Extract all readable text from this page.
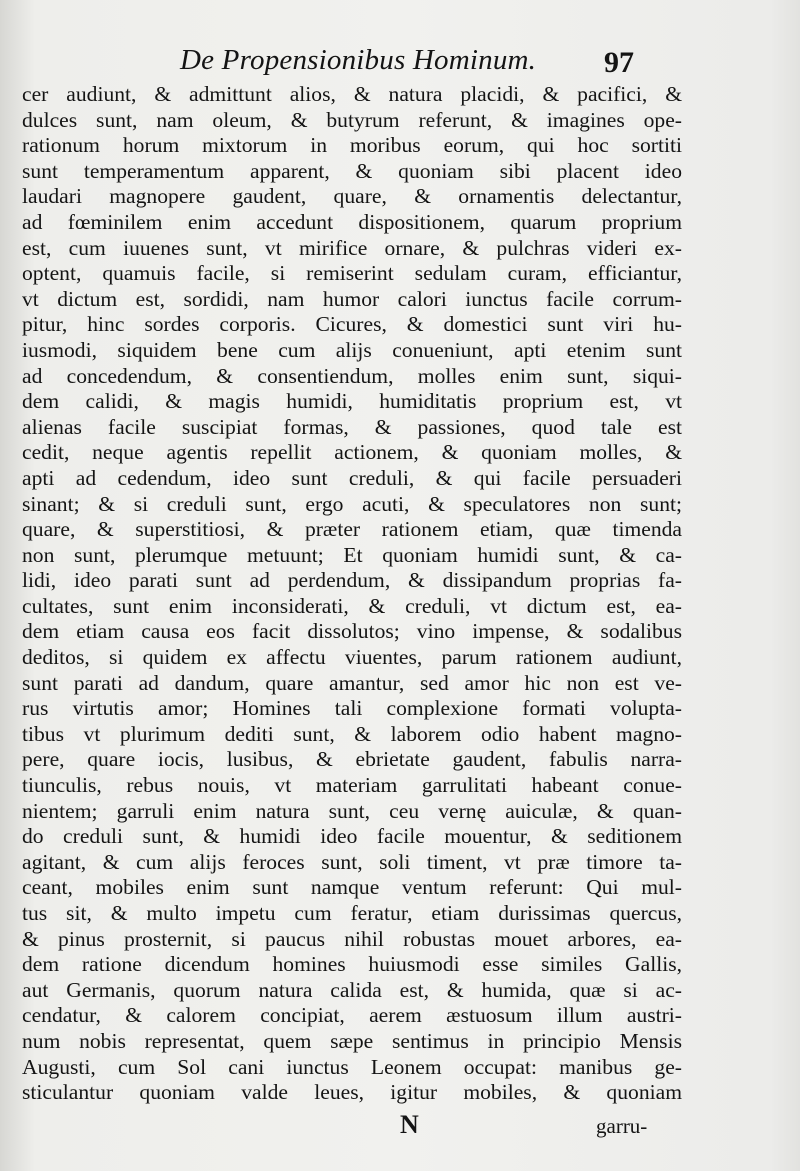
De Propensionibus Hominum. 97
cer audiunt, & admittunt alios, & natura placidi, & pacifici, &
dulces sunt, nam oleum, & butyrum referunt, & imagines ope-
rationum horum mixtorum in moribus eorum, qui hoc sortiti
sunt temperamentum apparent, & quoniam sibi placent ideo
laudari magnopere gaudent, quare, & ornamentis delectantur,
ad fœminilem enim accedunt dispositionem, quarum proprium
est, cum iuuenes sunt, vt mirifice ornare, & pulchras videri ex-
optent, quamuis facile, si remiserint sedulam curam, efficiantur,
vt dictum est, sordidi, nam humor calori iunctus facile corrum-
pitur, hinc sordes corporis. Cicures, & domestici sunt viri hu-
iusmodi, siquidem bene cum alijs conueniunt, apti etenim sunt
ad concedendum, & consentiendum, molles enim sunt, siqui-
dem calidi, & magis humidi, humiditatis proprium est, vt
alienas facile suscipiat formas, & passiones, quod tale est
cedit, neque agentis repellit actionem, & quoniam molles, &
apti ad cedendum, ideo sunt creduli, & qui facile persuaderi
sinant; & si creduli sunt, ergo acuti, & speculatores non sunt;
quare, & superstitiosi, & præter rationem etiam, quæ timenda
non sunt, plerumque metuunt; Et quoniam humidi sunt, & ca-
lidi, ideo parati sunt ad perdendum, & dissipandum proprias fa-
cultates, sunt enim inconsiderati, & creduli, vt dictum est, ea-
dem etiam causa eos facit dissolutos; vino impense, & sodalibus
deditos, si quidem ex affectu viuentes, parum rationem audiunt,
sunt parati ad dandum, quare amantur, sed amor hic non est ve-
rus virtutis amor; Homines tali complexione formati volupta-
tibus vt plurimum dediti sunt, & laborem odio habent magno-
pere, quare iocis, lusibus, & ebrietate gaudent, fabulis narra-
tiunculis, rebus nouis, vt materiam garrulitati habeant conue-
nientem; garruli enim natura sunt, ceu vernę auiculæ, & quan-
do creduli sunt, & humidi ideo facile mouentur, & seditionem
agitant, & cum alijs feroces sunt, soli timent, vt præ timore ta-
ceant, mobiles enim sunt namque ventum referunt: Qui mul-
tus sit, & multo impetu cum feratur, etiam durissimas quercus,
& pinus prosternit, si paucus nihil robustas mouet arbores, ea-
dem ratione dicendum homines huiusmodi esse similes Gallis,
aut Germanis, quorum natura calida est, & humida, quæ si ac-
cendatur, & calorem concipiat, aerem æstuosum illum austri-
num nobis representat, quem sæpe sentimus in principio Mensis
Augusti, cum Sol cani iunctus Leonem occupat: manibus ge-
sticulantur quoniam valde leues, igitur mobiles, & quoniam
N	garru-
